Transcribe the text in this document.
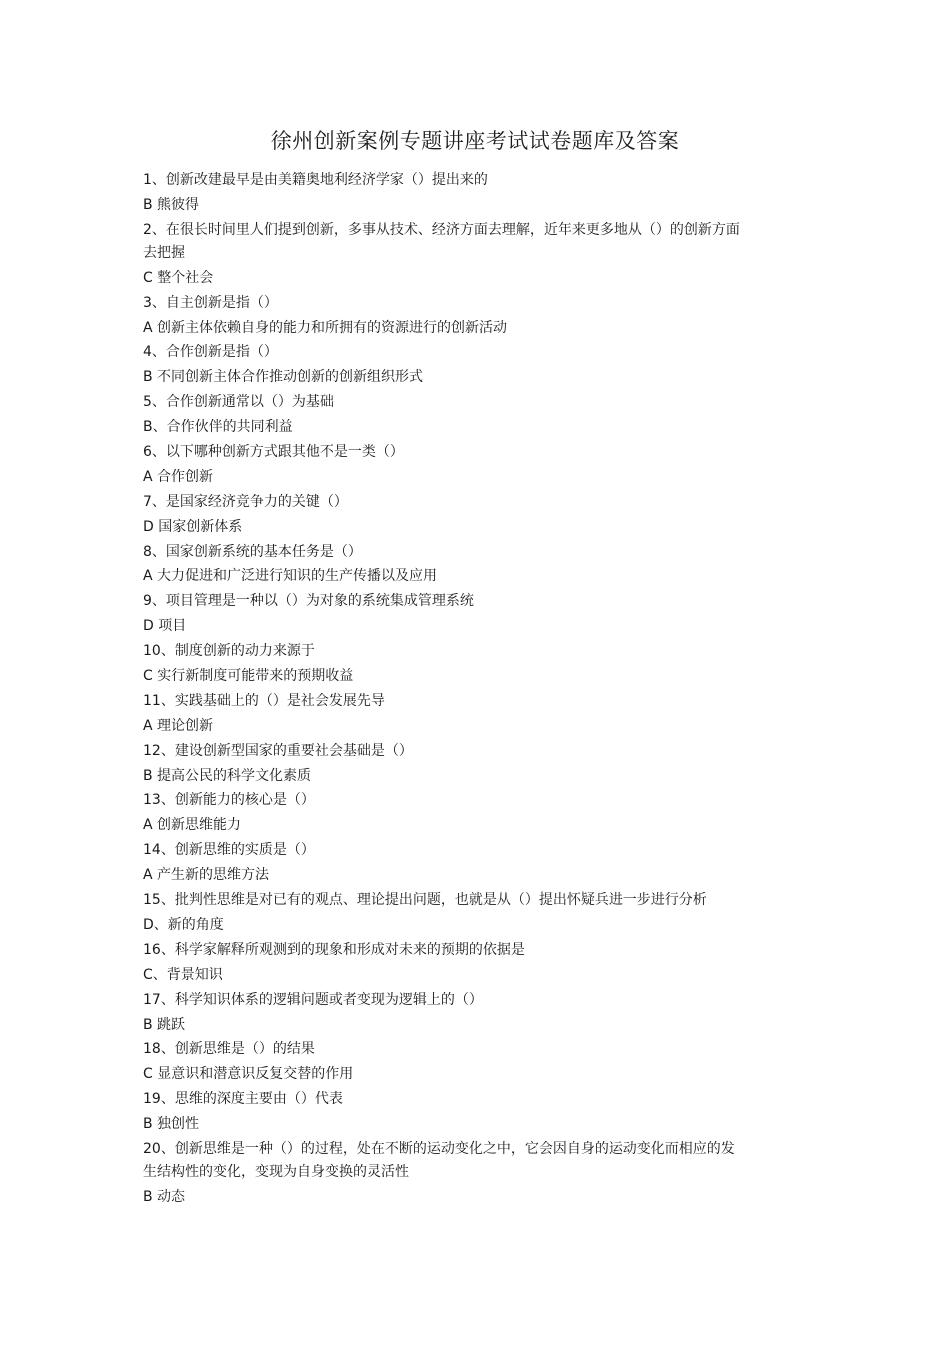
徐州创新案例专题讲座考试试卷题库及答案
1、创新改建最早是由美籍奥地利经济学家（）提出来的
B 熊彼得
2、在很长时间里人们提到创新，多事从技术、经济方面去理解，近年来更多地从（）的创新方面去把握
C 整个社会
3、自主创新是指（）
A 创新主体依赖自身的能力和所拥有的资源进行的创新活动
4、合作创新是指（）
B 不同创新主体合作推动创新的创新组织形式
5、合作创新通常以（）为基础
B、合作伙伴的共同利益
6、以下哪种创新方式跟其他不是一类（）
A 合作创新
7、是国家经济竞争力的关键（）
D 国家创新体系
8、国家创新系统的基本任务是（）
A 大力促进和广泛进行知识的生产传播以及应用
9、项目管理是一种以（）为对象的系统集成管理系统
D 项目
10、制度创新的动力来源于
C 实行新制度可能带来的预期收益
11、实践基础上的（）是社会发展先导
A 理论创新
12、建设创新型国家的重要社会基础是（）
B 提高公民的科学文化素质
13、创新能力的核心是（）
A 创新思维能力
14、创新思维的实质是（）
A 产生新的思维方法
15、批判性思维是对已有的观点、理论提出问题，也就是从（）提出怀疑兵进一步进行分析
D、新的角度
16、科学家解释所观测到的现象和形成对未来的预期的依据是
C、背景知识
17、科学知识体系的逻辑问题或者变现为逻辑上的（）
B 跳跃
18、创新思维是（）的结果
C 显意识和潜意识反复交替的作用
19、思维的深度主要由（）代表
B 独创性
20、创新思维是一种（）的过程，处在不断的运动变化之中，它会因自身的运动变化而相应的发生结构性的变化，变现为自身变换的灵活性
B 动态
